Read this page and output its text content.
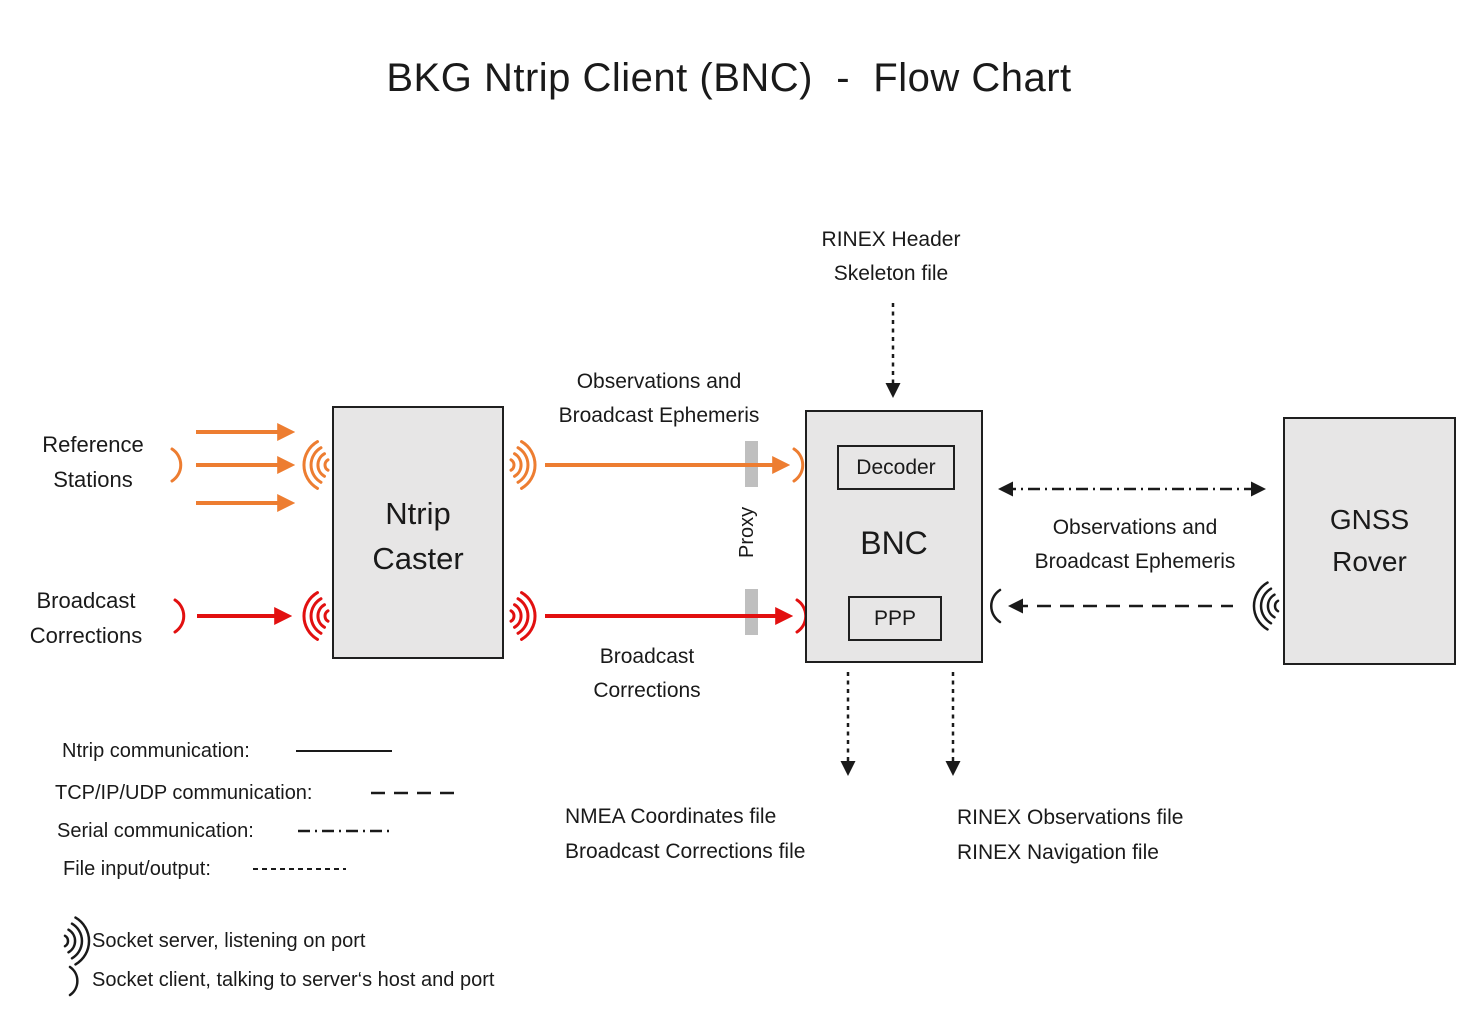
BKG Ntrip Client (BNC)  -  Flow Chart
Ntrip
Caster
Decoder
BNC
PPP
GNSS
Rover
Reference
Stations
Broadcast
Corrections
Observations and
Broadcast Ephemeris
Broadcast
Corrections
RINEX Header
Skeleton file
Observations and
Broadcast Ephemeris
Proxy
NMEA Coordinates file
Broadcast Corrections file
RINEX Observations file
RINEX Navigation file
Ntrip communication:
TCP/IP/UDP communication:
Serial communication:
File input/output:
Socket server, listening on port
Socket client, talking to server‘s host and port
